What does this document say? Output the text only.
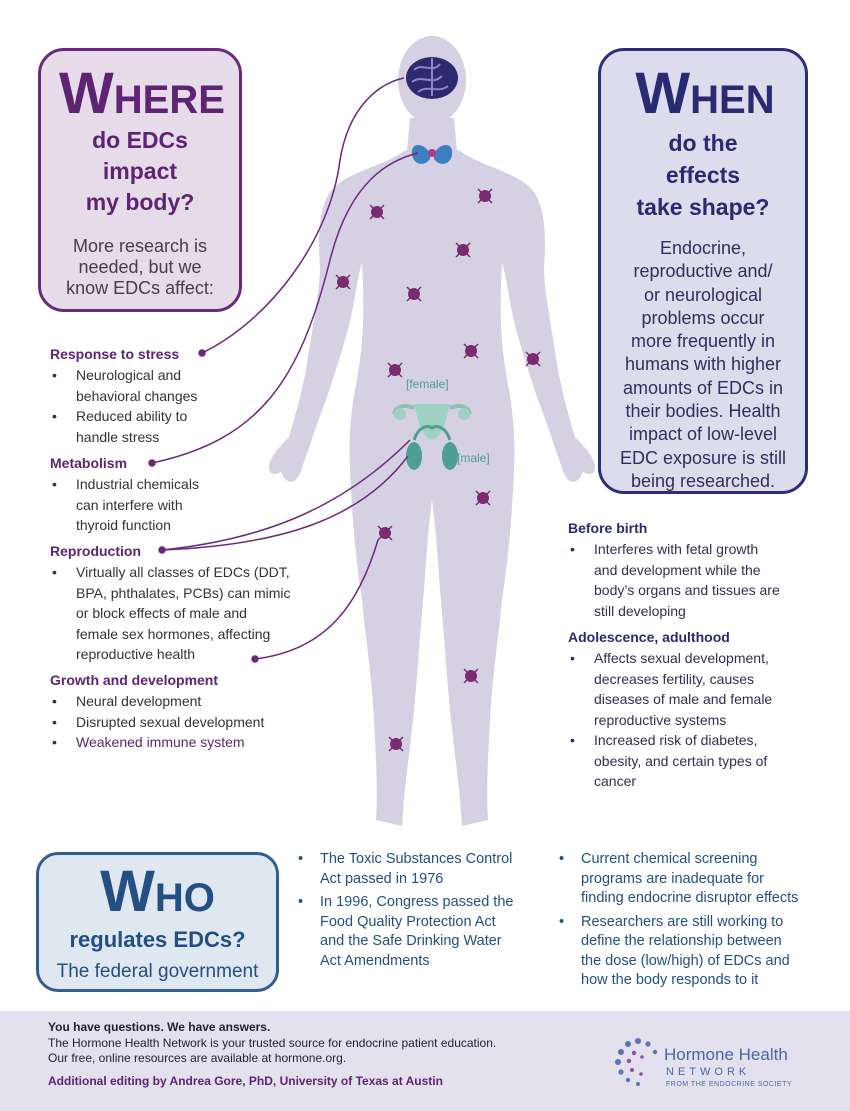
[female]
[male]
WHERE
do EDCs
impact
my body?
More research is
needed, but we
know EDCs affect:
WHEN
do the
effects
take shape?
Endocrine,
reproductive and/
or neurological
problems occur
more frequently in
humans with higher
amounts of EDCs in
their bodies. Health
impact of low-level
EDC exposure is still
being researched.
Response to stress
• Neurological and
behavioral changes
• Reduced ability to
handle stress
Metabolism
• Industrial chemicals
can interfere with
thyroid function
Reproduction
• Virtually all classes of EDCs (DDT,
BPA, phthalates, PCBs) can mimic
or block effects of male and
female sex hormones, affecting
reproductive health
Growth and development
• Neural development
• Disrupted sexual development
• Weakened immune system
Before birth
• Interferes with fetal growth
and development while the
body’s organs and tissues are
still developing
Adolescence, adulthood
• Affects sexual development,
decreases fertility, causes
diseases of male and female
reproductive systems
• Increased risk of diabetes,
obesity, and certain types of
cancer
WHO
regulates EDCs?
The federal government
• The Toxic Substances Control
Act passed in 1976
• In 1996, Congress passed the
Food Quality Protection Act
and the Safe Drinking Water
Act Amendments
• Current chemical screening
programs are inadequate for
finding endocrine disruptor effects
• Researchers are still working to
define the relationship between
the dose (low/high) of EDCs and
how the body responds to it
You have questions. We have answers.
The Hormone Health Network is your trusted source for endocrine patient education.
Our free, online resources are available at hormone.org.
Additional editing by Andrea Gore, PhD, University of Texas at Austin
Hormone Health
NETWORK
FROM THE ENDOCRINE SOCIETY
